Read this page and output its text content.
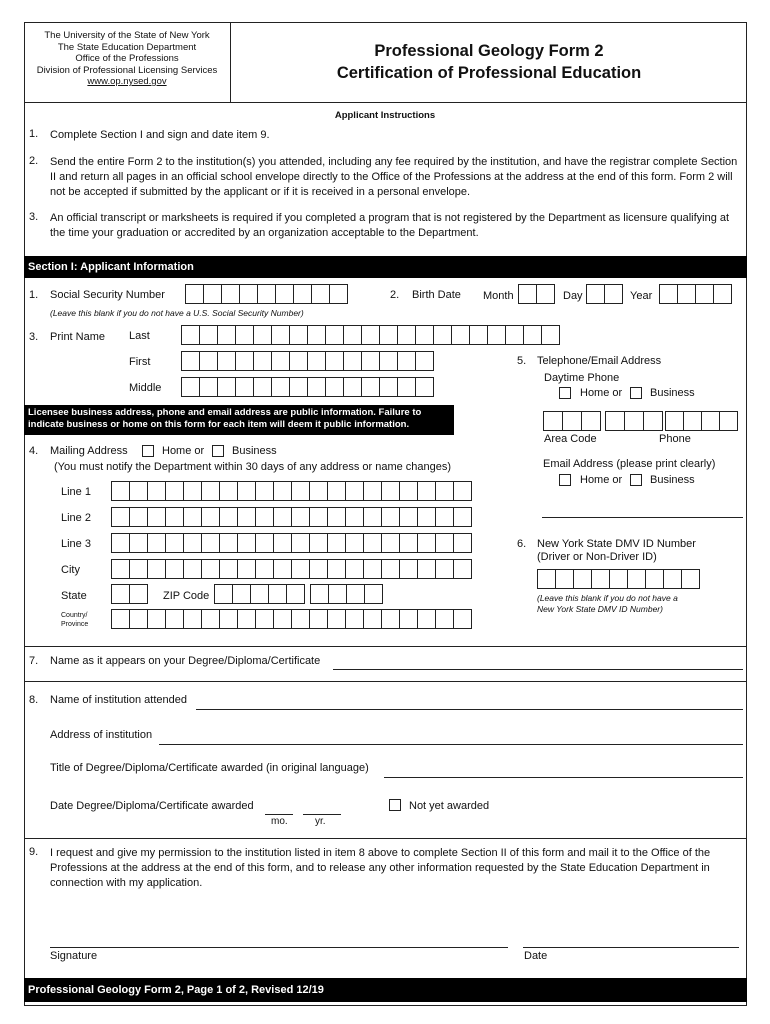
The University of the State of New York
The State Education Department
Office of the Professions
Division of Professional Licensing Services
www.op.nysed.gov
Professional Geology Form 2
Certification of Professional Education
Applicant Instructions
1. Complete Section I and sign and date item 9.
2. Send the entire Form 2 to the institution(s) you attended, including any fee required by the institution, and have the registrar complete Section II and return all pages in an official school envelope directly to the Office of the Professions at the address at the end of this form. Form 2 will not be accepted if submitted by the applicant or if it is received in a personal envelope.
3. An official transcript or marksheets is required if you completed a program that is not registered by the Department as licensure qualifying at the time your graduation or accredited by an organization acceptable to the Department.
Section I: Applicant Information
1. Social Security Number
(Leave this blank if you do not have a U.S. Social Security Number)
2. Birth Date Month	Day	Year
3. Print Name Last
First
Middle
Licensee business address, phone and email address are public information. Failure to indicate business or home on this form for each item will deem it public information.
5. Telephone/Email Address
Daytime Phone
Home or	Business
Area Code	Phone
Email Address (please print clearly)
Home or	Business
4. Mailing Address	Home or	Business
(You must notify the Department within 30 days of any address or name changes)
Line 1
Line 2
Line 3
City
State	ZIP Code
Country/
Province
6. New York State DMV ID Number
(Driver or Non-Driver ID)
(Leave this blank if you do not have a
New York State DMV ID Number)
7. Name as it appears on your Degree/Diploma/Certificate
8. Name of institution attended
Address of institution
Title of Degree/Diploma/Certificate awarded (in original language)
Date Degree/Diploma/Certificate awarded
mo.	yr.
Not yet awarded
9. I request and give my permission to the institution listed in item 8 above to complete Section II of this form and mail it to the Office of the Professions at the address at the end of this form, and to release any other information requested by the State Education Department in connection with my application.
Signature	Date
Professional Geology Form 2, Page 1 of 2, Revised 12/19
